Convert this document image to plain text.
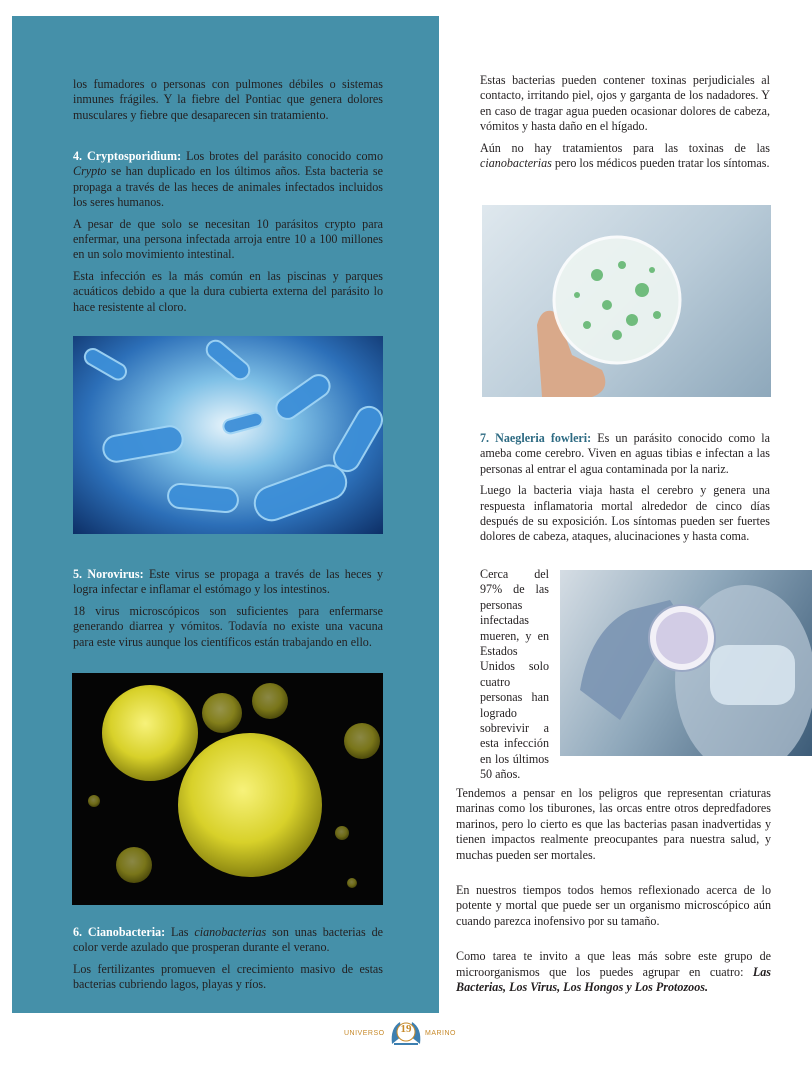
los fumadores o personas con pulmones débiles o sistemas inmunes frágiles. Y la fiebre del Pontiac que genera dolores musculares y fiebre que desaparecen sin tratamiento.

4. Cryptosporidium: Los brotes del parásito conocido como Crypto se han duplicado en los últimos años. Esta bacteria se propaga a través de las heces de animales infectados incluidos los seres humanos.

A pesar de que solo se necesitan 10 parásitos crypto para enfermar, una persona infectada arroja entre 10 a 100 millones en un solo movimiento intestinal.

Esta infección es la más común en las piscinas y parques acuáticos debido a que la dura cubierta externa del parásito lo hace resistente al cloro.

5. Norovirus: Este virus se propaga a través de las heces y logra infectar e inflamar el estómago y los intestinos.

18 virus microscópicos son suficientes para enfermarse generando diarrea y vómitos. Todavía no existe una vacuna para este virus aunque los científicos están trabajando en ello.

6. Cianobacteria: Las cianobacterias son unas bacterias de color verde azulado que prosperan durante el verano.

Los fertilizantes promueven el crecimiento masivo de estas bacterias cubriendo lagos, playas y ríos.

Estas bacterias pueden contener toxinas perjudiciales al contacto, irritando piel, ojos y garganta de los nadadores. Y en caso de tragar agua pueden ocasionar dolores de cabeza, vómitos y hasta daño en el hígado.

Aún no hay tratamientos para las toxinas de las cianobacterias pero los médicos pueden tratar los síntomas.

7. Naegleria fowleri: Es un parásito conocido como la ameba come cerebro. Viven en aguas tibias e infectan a las personas al entrar el agua contaminada por la nariz.

Luego la bacteria viaja hasta el cerebro y genera una respuesta inflamatoria mortal alrededor de cinco días después de su exposición. Los síntomas pueden ser fuertes dolores de cabeza, ataques, alucinaciones y hasta coma.

Cerca del 97% de las personas infectadas mueren, y en Estados Unidos solo cuatro personas han logrado sobrevivir a esta infección en los últimos 50 años.

Tendemos a pensar en los peligros que representan criaturas marinas como los tiburones, las orcas entre otros depredfadores marinos, pero lo cierto es que las bacterias pasan inadvertidas y tienen impactos realmente preocupantes para nuestra salud, y muchas pueden ser mortales.

En nuestros tiempos todos hemos reflexionado acerca de lo potente y mortal que puede ser un organismo microscópico aún cuando parezca inofensivo por su tamaño.

Como tarea te invito a que leas más sobre este grupo de microorganismos que los puedes agrupar en cuatro: Las Bacterias, Los Virus, Los Hongos y Los Protozoos.

UNIVERSO 19 MARINO
